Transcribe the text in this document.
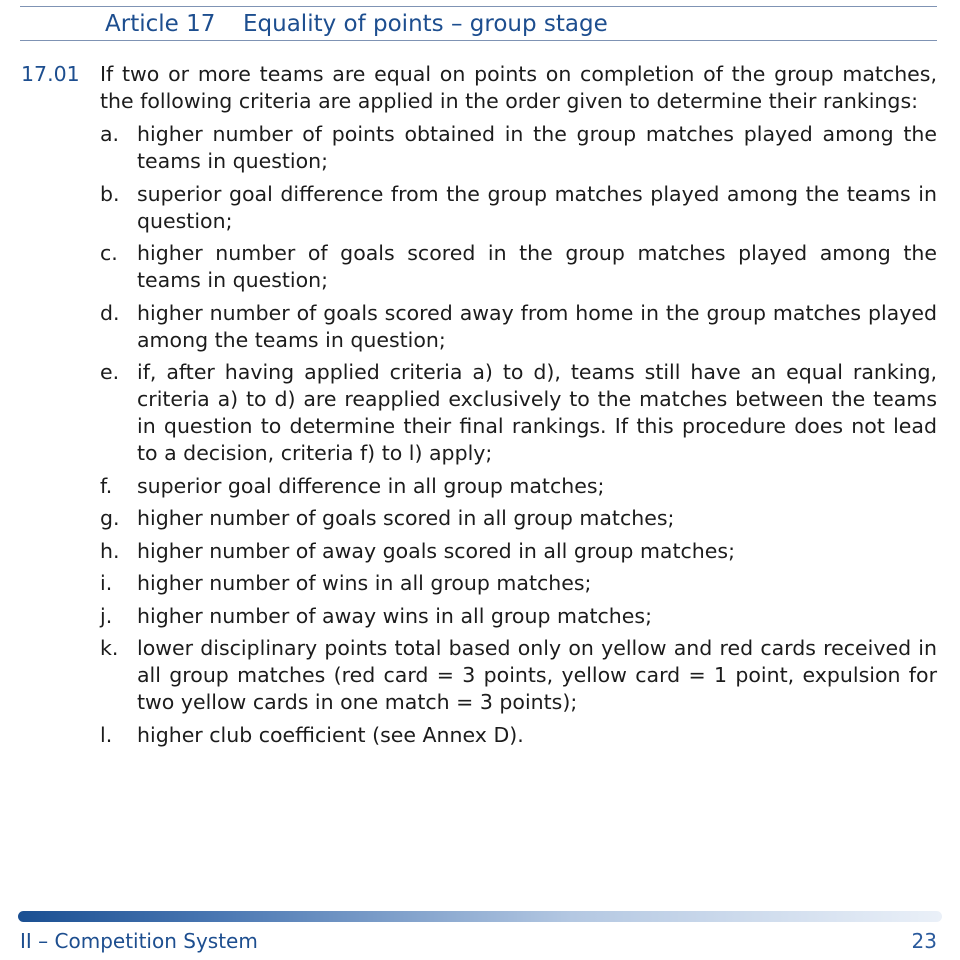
Article 17 Equality of points – group stage
17.01 If two or more teams are equal on points on completion of the group matches, the following criteria are applied in the order given to determine their rankings:

a. higher number of points obtained in the group matches played among the teams in question;
b. superior goal difference from the group matches played among the teams in question;
c. higher number of goals scored in the group matches played among the teams in question;
d. higher number of goals scored away from home in the group matches played among the teams in question;
e. if, after having applied criteria a) to d), teams still have an equal ranking, criteria a) to d) are reapplied exclusively to the matches between the teams in question to determine their final rankings. If this procedure does not lead to a decision, criteria f) to l) apply;
f.	superior goal difference in all group matches;
g. higher number of goals scored in all group matches;
h. higher number of away goals scored in all group matches;
i.	higher number of wins in all group matches;
j.	higher number of away wins in all group matches;
k. lower disciplinary points total based only on yellow and red cards received in all group matches (red card = 3 points, yellow card = 1 point, expulsion for two yellow cards in one match = 3 points);
l.	higher club coefficient (see Annex D).
II – Competition System	23
